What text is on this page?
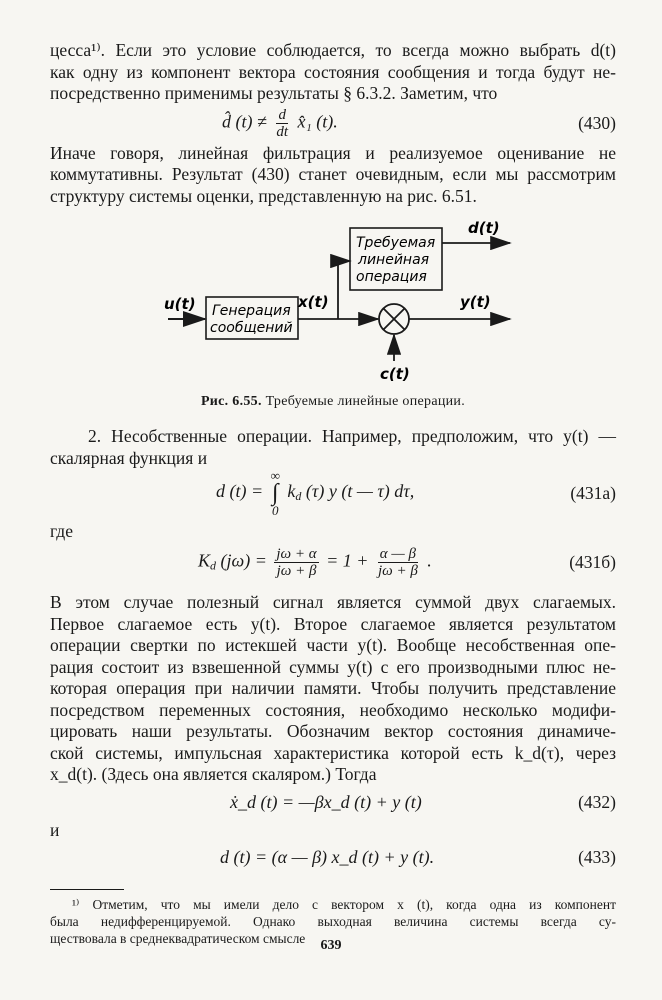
цесса¹⁾. Если это условие соблюдается, то всегда можно выбрать d(t)
как одну из компонент вектора состояния сообщения и тогда будут не-
посредственно применимы результаты § 6.3.2. Заметим, что
d̂ $(t) \ne \frac{d}{dt}$ x̂₁ (t).	(430)
Иначе говоря, линейная фильтрация и реализуемое оценивание не
коммутативны. Результат (430) станет очевидным, если мы рассмотрим
структуру системы оценки, представленную на рис. 6.51.
u(t) Генерация
сообщений
x(t)
Требуемая
линейная
операция
d(t)
y(t)
c(t)
Рис. 6.55. Требуемые линейные операции.
2. Несобственные операции. Например, предположим, что y(t) —
скалярная функция и
d (t) =
∞
∫
0
$k_d$ (τ) y (t — τ) dτ,	(431a)
где
$K_d$ $(j\omega) = \frac{j\omega + \alpha}{j\omega + \beta} = 1 + \frac{\alpha — \beta}{j\omega + \beta}$ .	(431б)
В этом случае полезный сигнал является суммой двух слагаемых.
Первое слагаемое есть y(t). Второе слагаемое является результатом
операции свертки по истекшей части y(t). Вообще несобственная опе-
рация состоит из взвешенной суммы y(t) с его производными плюс не-
которая операция при наличии памяти. Чтобы получить представление
посредством переменных состояния, необходимо несколько модифи-
цировать наши результаты. Обозначим вектор состояния динамиче-
ской системы, импульсная характеристика которой есть k_d(τ), через
x_d(t). (Здесь она является скаляром.) Тогда
ẋ_d (t) = —βx_d (t) + y (t)	(432)
и
d (t) = (α — β) x_d (t) + y (t).	(433)
¹⁾ Отметим, что мы имели дело с вектором x (t), когда одна из компонент
была недифференцируемой. Однако выходная величина системы всегда су-
ществовала в среднеквадратическом смысле	639
